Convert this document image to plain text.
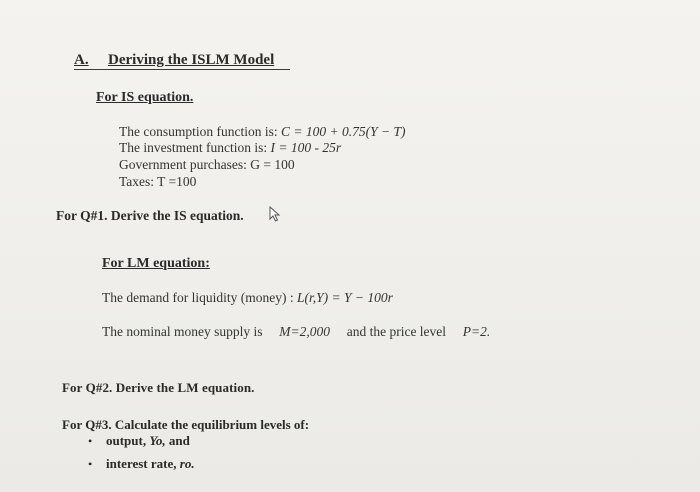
A. Deriving the ISLM Model
For IS equation.
The consumption function is: C = 100 + 0.75(Y − T)
The investment function is: I = 100 - 25r
Government purchases: G = 100
Taxes: T =100
For Q#1. Derive the IS equation.
For LM equation:
The demand for liquidity (money) : L(r,Y) = Y − 100r
The nominal money supply is M=2,000 and the price level P=2.
For Q#2. Derive the LM equation.
For Q#3. Calculate the equilibrium levels of:
• output, Yo, and
• interest rate, ro.
